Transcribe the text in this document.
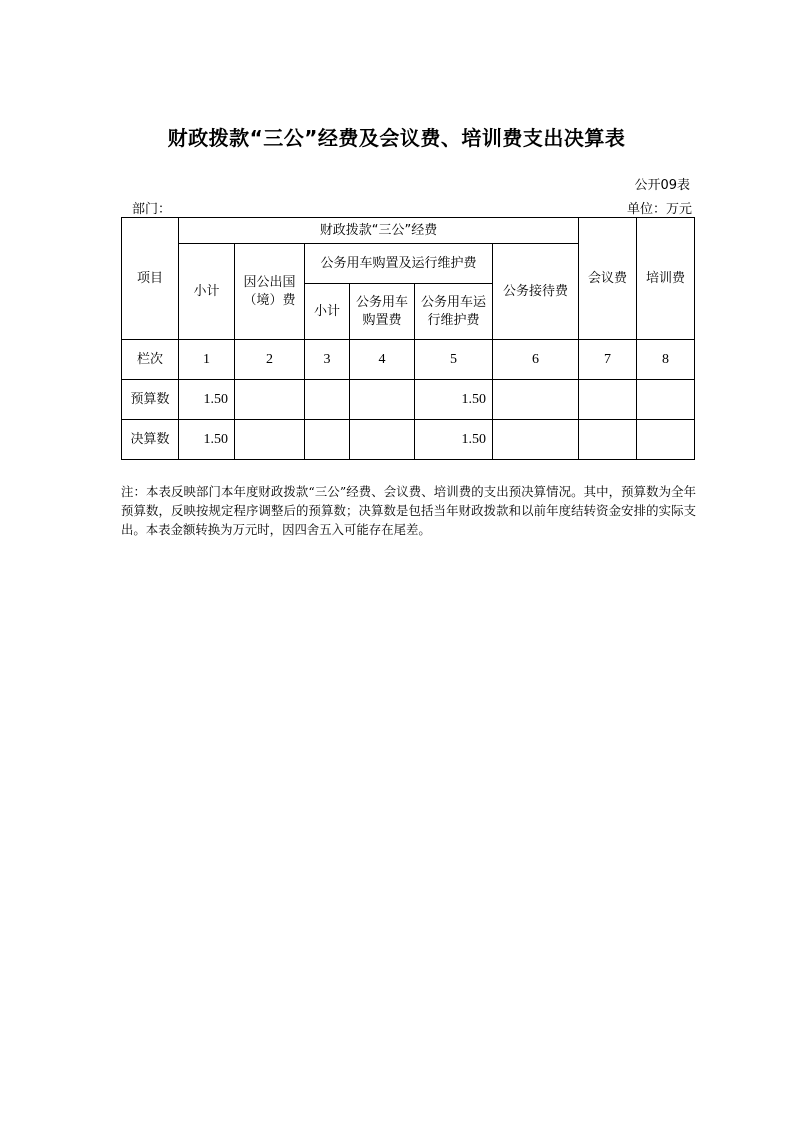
财政拨款“三公”经费及会议费、培训费支出决算表
公开09表
部门：	单位：万元
项目	财政拨款“三公”经费						会议费	培训费
	小计	因公出国（境）费	公务用车购置及运行维护费			公务接待费		
			小计	公务用车购置费	公务用车运行维护费			
栏次	1	2	3	4	5	6	7	8
预算数	1.50				1.50			
决算数	1.50				1.50			
注：本表反映部门本年度财政拨款“三公”经费、会议费、培训费的支出预决算情况。其中，预算数为全年预算数，反映按规定程序调整后的预算数；决算数是包括当年财政拨款和以前年度结转资金安排的实际支出。本表金额转换为万元时，因四舍五入可能存在尾差。
